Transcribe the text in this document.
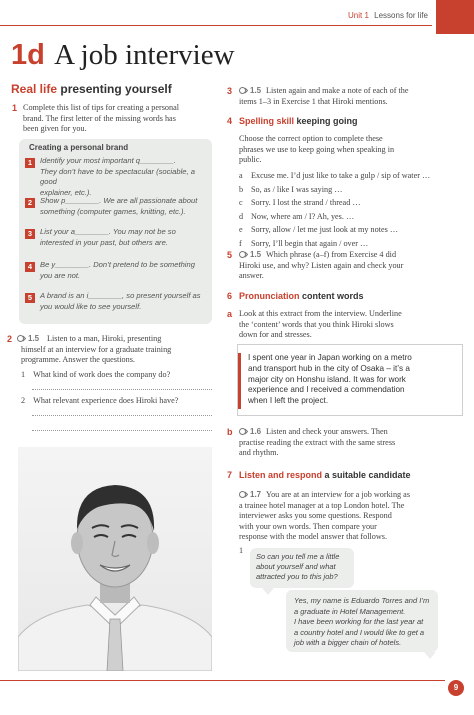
Unit 1 Lessons for life
1d A job interview
Real life presenting yourself
1 Complete this list of tips for creating a personal
brand. The first letter of the missing words has
been given for you.
Creating a personal brand
1	Identify your most important q________.
They don’t have to be spectacular (sociable, a good
explainer, etc.).
2	Show p________. We are all passionate about
something (computer games, knitting, etc.).
3	List your a________. You may not be so
interested in your past, but others are.
4	Be y________. Don’t pretend to be something
you are not.
5	A brand is an i________, so present yourself as
you would like to see yourself.
2	1.5 Listen to a man, Hiroki, presenting
himself at an interview for a graduate training
programme. Answer the questions.
1 What kind of work does the company do?
2 What relevant experience does Hiroki have?
3	1.5 Listen again and make a note of each of the
items 1–3 in Exercise 1 that Hiroki mentions.
4 Spelling skill keeping going
Choose the correct option to complete these
phrases we use to keep going when speaking in
public.
a Excuse me. I’d just like to take a gulp / sip of water …
b So, as / like I was saying …
c Sorry. I lost the strand / thread …
d Now, where am / I? Ah, yes. …
e Sorry, allow / let me just look at my notes …
f Sorry, I’ll begin that again / over …
5	1.5 Which phrase (a–f) from Exercise 4 did
Hiroki use, and why? Listen again and check your
answer.
6 Pronunciation content words
a Look at this extract from the interview. Underline
the ‘content’ words that you think Hiroki slows
down for and stresses.
I spent one year in Japan working on a metro
and transport hub in the city of Osaka – it’s a
major city on Honshu island. It was for work
experience and I received a commendation
when I left the project.
b	1.6 Listen and check your answers. Then
practise reading the extract with the same stress
and rhythm.
7 Listen and respond a suitable candidate
1.7 You are at an interview for a job working as
a trainee hotel manager at a top London hotel. The
interviewer asks you some questions. Respond
with your own words. Then compare your
response with the model answer that follows.
1
So can you tell me a little
about yourself and what
attracted you to this job?
Yes, my name is Eduardo Torres and I’m
a graduate in Hotel Management.
I have been working for the last year at
a country hotel and I would like to get a
job with a bigger chain of hotels.
9
